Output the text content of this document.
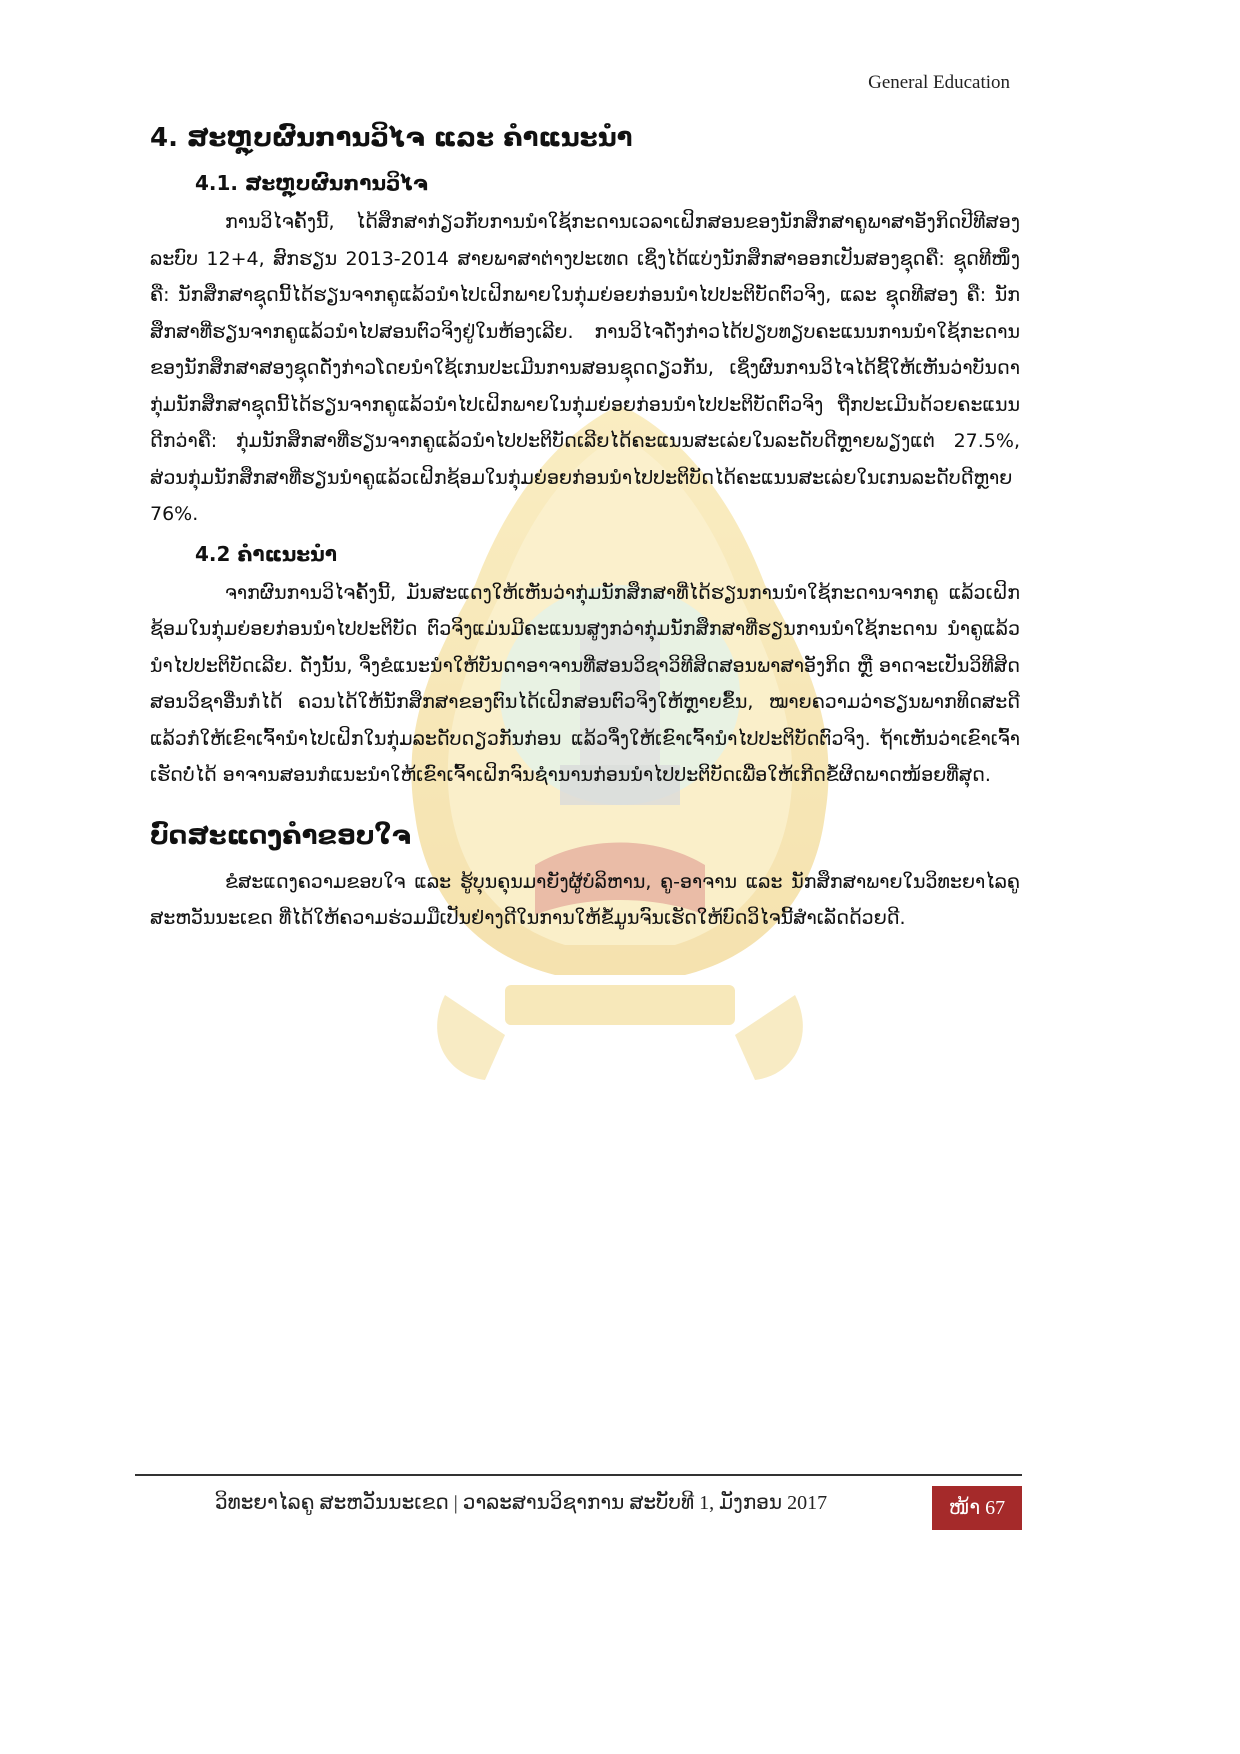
General Education
4. ສະຫຼຸບຜົນການວິໄຈ ແລະ ຄຳແນະນຳ
4.1. ສະຫຼຸບຜົນການວິໄຈ

ການວິໄຈຄັ້ງນີ້, ໄດ້ສຶກສາກ່ຽວກັບການນຳໃຊ້ກະດານເວລາເຝິກສອນຂອງນັກສຶກສາຄູພາສາອັງກິດປີທີສອງ ລະບົບ 12+4, ສົກຮຽນ 2013-2014 ສາຍພາສາຕ່າງປະເທດ ເຊິ່ງໄດ້ແບ່ງນັກສຶກສາອອກເປັນສອງຊຸດຄື: ຊຸດທີໜຶ່ງຄື: ນັກສຶກສາຊຸດນີ້ໄດ້ຮຽນຈາກຄູແລ້ວນຳໄປເຝິກພາຍໃນກຸ່ມຍ່ອຍກ່ອນນຳໄປປະຕິບັດຕົວຈິງ, ແລະ ຊຸດທີສອງ ຄື: ນັກສຶກສາທີ່ຮຽນຈາກຄູແລ້ວນຳໄປສອນຕົວຈິງຢູ່ໃນຫ້ອງເລີຍ. ການວິໄຈດັ່ງກ່າວໄດ້ປຽບທຽບຄະແນນການນຳໃຊ້ກະດານຂອງນັກສຶກສາສອງຊຸດດັ່ງກ່າວໂດຍນຳໃຊ້ເກນປະເມີນການສອນຊຸດດຽວກັນ, ເຊິ່ງຜົນການວິໄຈໄດ້ຊີ້ໃຫ້ເຫັນວ່າບັນດາກຸ່ມນັກສຶກສາຊຸດນີ້ໄດ້ຮຽນຈາກຄູແລ້ວນຳໄປເຝິກພາຍໃນກຸ່ມຍ່ອຍກ່ອນນຳໄປປະຕິບັດຕົວຈິງ ຖືກປະເມີນດ້ວຍຄະແນນດີກວ່າຄື: ກຸ່ມນັກສຶກສາທີ່ຮຽນຈາກຄູແລ້ວນຳໄປປະຕິບັດເລີຍໄດ້ຄະແນນສະເລ່ຍໃນລະດັບດີຫຼາຍພຽງແຕ່ 27.5%, ສ່ວນກຸ່ມນັກສຶກສາທີ່ຮຽນນຳຄູແລ້ວເຝິກຊ້ອມໃນກຸ່ມຍ່ອຍກ່ອນນຳໄປປະຕິບັດໄດ້ຄະແນນສະເລ່ຍໃນເກນລະດັບດີຫຼາຍ 76%.

4.2 ຄຳແນະນຳ

ຈາກຜົນການວິໄຈຄັ້ງນີ້, ມັນສະແດງໃຫ້ເຫັນວ່າກຸ່ມນັກສຶກສາທີ່ໄດ້ຮຽນການນຳໃຊ້ກະດານຈາກຄູ ແລ້ວເຝິກຊ້ອມໃນກຸ່ມຍ່ອຍກ່ອນນຳໄປປະຕິບັດ ຕົວຈິງແມ່ນມີຄະແນນສູງກວ່າກຸ່ມນັກສຶກສາທີ່ຮຽນການນຳໃຊ້ກະດານ ນຳຄູແລ້ວນຳໄປປະຕິບັດເລີຍ. ດັ່ງນັ້ນ, ຈຶ່ງຂໍແນະນຳໃຫ້ບັນດາອາຈານທີ່ສອນວິຊາວິທີສິດສອນພາສາອັງກິດ ຫຼື ອາດຈະເປັນວິທີສິດສອນວິຊາອື່ນກໍໄດ້ ຄວນໄດ້ໃຫ້ນັກສຶກສາຂອງຕົນໄດ້ເຝິກສອນຕົວຈິງໃຫ້ຫຼາຍຂຶ້ນ, ໝາຍຄວາມວ່າຮຽນພາກທິດສະດີແລ້ວກໍໃຫ້ເຂົາເຈົ້ານຳໄປເຝິກໃນກຸ່ມລະດັບດຽວກັນກ່ອນ ແລ້ວຈຶ່ງໃຫ້ເຂົາເຈົ້ານຳໄປປະຕິບັດຕົວຈິງ. ຖ້າເຫັນວ່າເຂົາເຈົ້າເຮັດບໍ່ໄດ້ ອາຈານສອນກໍແນະນຳໃຫ້ເຂົາເຈົ້າເຝິກຈົນຊຳນານກ່ອນນຳໄປປະຕິບັດເພື່ອໃຫ້ເກີດຂໍ້ຜິດພາດໜ້ອຍທີ່ສຸດ.

ບົດສະແດງຄຳຂອບໃຈ

ຂໍສະແດງຄວາມຂອບໃຈ ແລະ ຮູ້ບຸນຄຸນມາຍັງຜູ້ບໍລິຫານ, ຄູ-ອາຈານ ແລະ ນັກສຶກສາພາຍໃນວິທະຍາໄລຄູສະຫວັນນະເຂດ ທີ່ໄດ້ໃຫ້ຄວາມຮ່ວມມືເປັນຢ່າງດີໃນການໃຫ້ຂໍ້ມູນຈົນເຮັດໃຫ້ບົດວິໄຈນີ້ສຳເລັດດ້ວຍດີ.

ວິທະຍາໄລຄູ ສະຫວັນນະເຂດ | ວາລະສານວິຊາການ ສະບັບທີ 1, ມັງກອນ 2017	ໜ້າ 67
